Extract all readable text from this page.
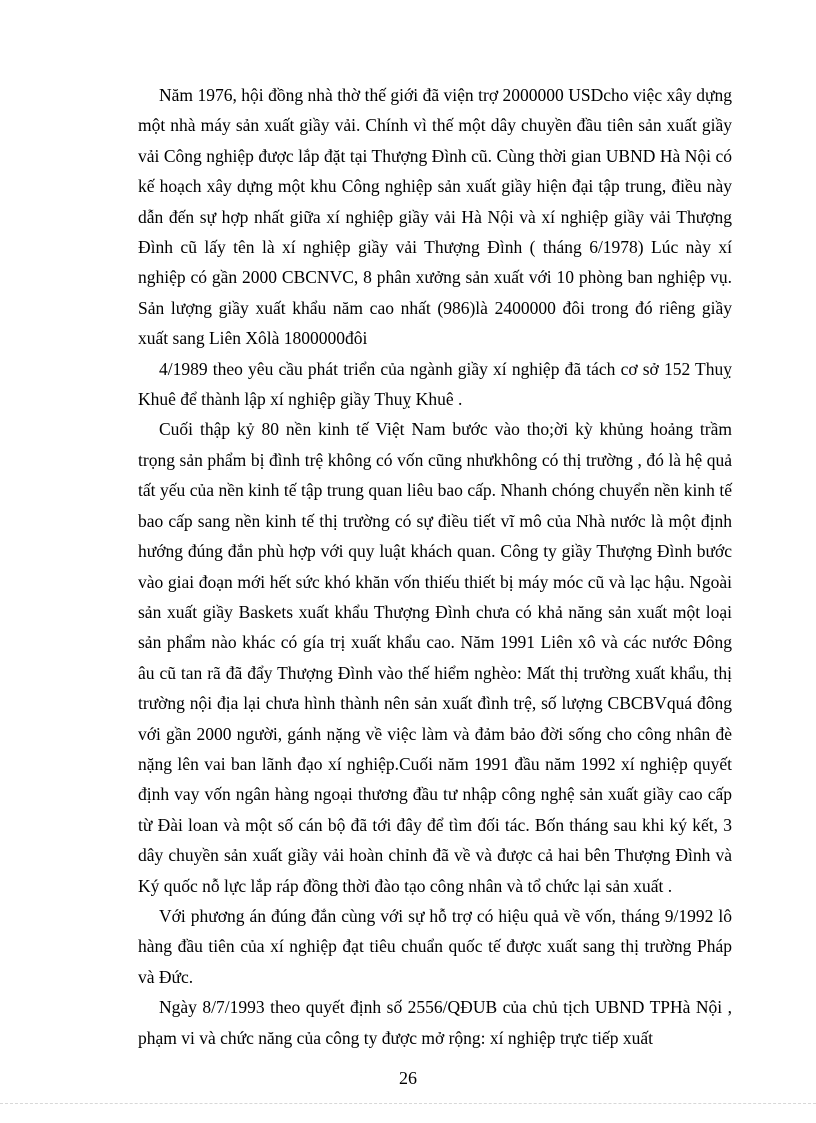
Năm 1976, hội đồng nhà thờ thế giới đã viện trợ 2000000 USDcho việc xây dựng một nhà máy sản xuất giầy vải. Chính vì thế một dây chuyền đầu tiên sản xuất giầy vải Công nghiệp được lắp đặt tại Thượng Đình cũ. Cùng thời gian UBND Hà Nội có kế hoạch xây dựng một khu Công nghiệp sản xuất giầy hiện đại tập trung, điều này dẫn đến sự hợp nhất giữa xí nghiệp giầy vải Hà Nội và xí nghiệp giầy vải Thượng Đình cũ lấy tên là xí nghiệp giầy vải Thượng Đình ( tháng 6/1978) Lúc này xí nghiệp có gần 2000 CBCNVC, 8 phân xưởng sản xuất với 10 phòng ban nghiệp vụ. Sản lượng giầy xuất khẩu năm cao nhất (986)là 2400000 đôi trong đó riêng giầy xuất sang Liên Xôlà 1800000đôi

4/1989 theo yêu cầu phát triển của ngành giầy xí nghiệp đã tách cơ sở 152 Thuỵ Khuê để thành lập xí nghiệp giầy Thuỵ Khuê .

Cuối thập kỷ 80 nền kinh tế Việt Nam bước vào tho;ời kỳ khủng hoảng trầm trọng sản phẩm bị đình trệ không có vốn cũng nhưkhông có thị trường , đó là hệ quả tất yếu của nền kinh tế tập trung quan liêu bao cấp. Nhanh chóng chuyển nền kinh tế bao cấp sang nền kinh tế thị trường có sự điều tiết vĩ mô của Nhà nước là một định hướng đúng đắn phù hợp với quy luật khách quan. Công ty giầy Thượng Đình bước vào giai đoạn mới hết sức khó khăn vốn thiếu thiết bị máy móc cũ và lạc hậu. Ngoài sản xuất giầy Baskets xuất khẩu Thượng Đình chưa có khả năng sản xuất một loại sản phẩm nào khác có gía trị xuất khẩu cao. Năm 1991 Liên xô và các nước Đông âu cũ tan rã đã đẩy Thượng Đình vào thế hiểm nghèo: Mất thị trường xuất khẩu, thị trường nội địa lại chưa hình thành nên sản xuất đình trệ, số lượng CBCBVquá đông với gần 2000 người, gánh nặng về việc làm và đảm bảo đời sống cho công nhân đè nặng lên vai ban lãnh đạo xí nghiệp.Cuối năm 1991 đầu năm 1992 xí nghiệp quyết định vay vốn ngân hàng ngoại thương đầu tư nhập công nghệ sản xuất giầy cao cấp từ Đài loan và một số cán bộ đã tới đây để tìm đối tác. Bốn tháng sau khi ký kết, 3 dây chuyền sản xuất giầy vải hoàn chỉnh đã về và được cả hai bên Thượng Đình và Ký quốc nỗ lực lắp ráp đồng thời đào tạo công nhân và tổ chức lại sản xuất .

Với phương án đúng đắn cùng với sự hỗ trợ có hiệu quả về vốn, tháng 9/1992 lô hàng đầu tiên của xí nghiệp đạt tiêu chuẩn quốc tế được xuất sang thị trường Pháp và Đức.

Ngày 8/7/1993 theo quyết định số 2556/QĐUB của chủ tịch UBND TPHà Nội , phạm vi và chức năng của công ty được mở rộng: xí nghiệp trực tiếp xuất

26
